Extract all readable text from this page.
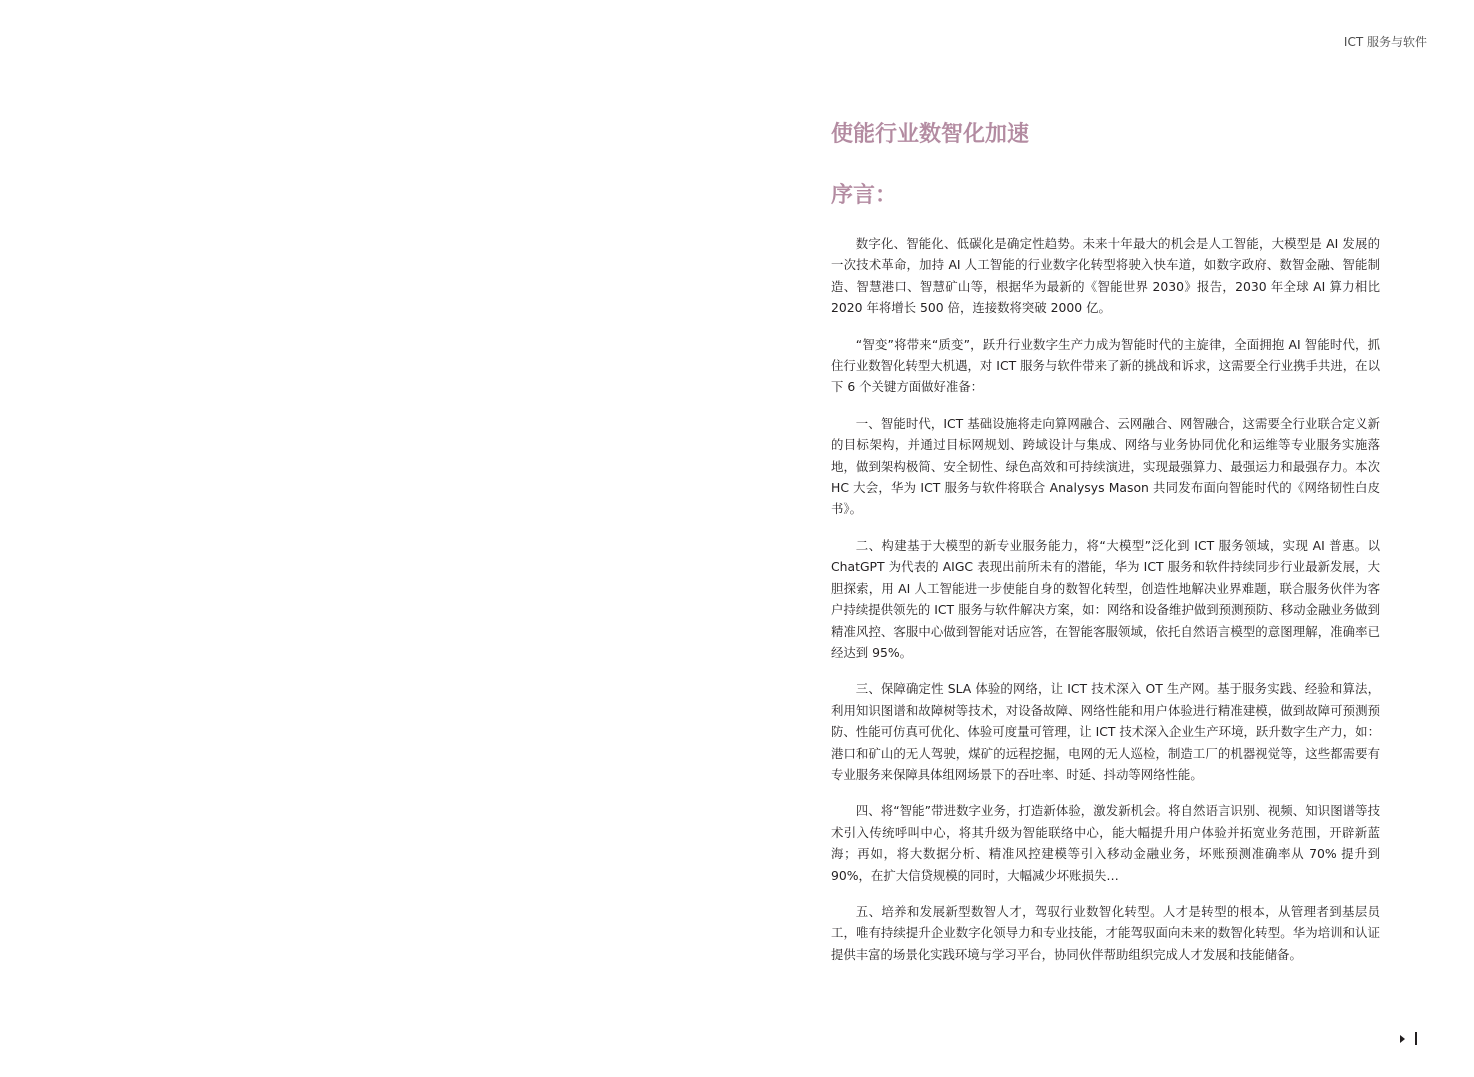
ICT 服务与软件
使能行业数智化加速
序言：

数字化、智能化、低碳化是确定性趋势。未来十年最大的机会是人工智能，大模型是 AI 发展的一次技术革命，加持 AI 人工智能的行业数字化转型将驶入快车道，如数字政府、数智金融、智能制造、智慧港口、智慧矿山等，根据华为最新的《智能世界 2030》报告，2030 年全球 AI 算力相比 2020 年将增长 500 倍，连接数将突破 2000 亿。

“智变”将带来“质变”，跃升行业数字生产力成为智能时代的主旋律，全面拥抱 AI 智能时代，抓住行业数智化转型大机遇，对 ICT 服务与软件带来了新的挑战和诉求，这需要全行业携手共进，在以下 6 个关键方面做好准备：

一、智能时代，ICT 基础设施将走向算网融合、云网融合、网智融合，这需要全行业联合定义新的目标架构，并通过目标网规划、跨域设计与集成、网络与业务协同优化和运维等专业服务实施落地，做到架构极简、安全韧性、绿色高效和可持续演进，实现最强算力、最强运力和最强存力。本次 HC 大会，华为 ICT 服务与软件将联合 Analysys Mason 共同发布面向智能时代的《网络韧性白皮书》。

二、构建基于大模型的新专业服务能力，将“大模型”泛化到 ICT 服务领域，实现 AI 普惠。以 ChatGPT 为代表的 AIGC 表现出前所未有的潜能，华为 ICT 服务和软件持续同步行业最新发展，大胆探索，用 AI 人工智能进一步使能自身的数智化转型，创造性地解决业界难题，联合服务伙伴为客户持续提供领先的 ICT 服务与软件解决方案，如：网络和设备维护做到预测预防、移动金融业务做到精准风控、客服中心做到智能对话应答，在智能客服领域，依托自然语言模型的意图理解，准确率已经达到 95%。

三、保障确定性 SLA 体验的网络，让 ICT 技术深入 OT 生产网。基于服务实践、经验和算法，利用知识图谱和故障树等技术，对设备故障、网络性能和用户体验进行精准建模，做到故障可预测预防、性能可仿真可优化、体验可度量可管理，让 ICT 技术深入企业生产环境，跃升数字生产力，如：港口和矿山的无人驾驶，煤矿的远程挖掘，电网的无人巡检，制造工厂的机器视觉等，这些都需要有专业服务来保障具体组网场景下的吞吐率、时延、抖动等网络性能。

四、将“智能”带进数字业务，打造新体验，激发新机会。将自然语言识别、视频、知识图谱等技术引入传统呼叫中心，将其升级为智能联络中心，能大幅提升用户体验并拓宽业务范围，开辟新蓝海；再如，将大数据分析、精准风控建模等引入移动金融业务，坏账预测准确率从 70% 提升到 90%，在扩大信贷规模的同时，大幅减少坏账损失…

五、培养和发展新型数智人才，驾驭行业数智化转型。人才是转型的根本，从管理者到基层员工，唯有持续提升企业数字化领导力和专业技能，才能驾驭面向未来的数智化转型。华为培训和认证提供丰富的场景化实践环境与学习平台，协同伙伴帮助组织完成人才发展和技能储备。
